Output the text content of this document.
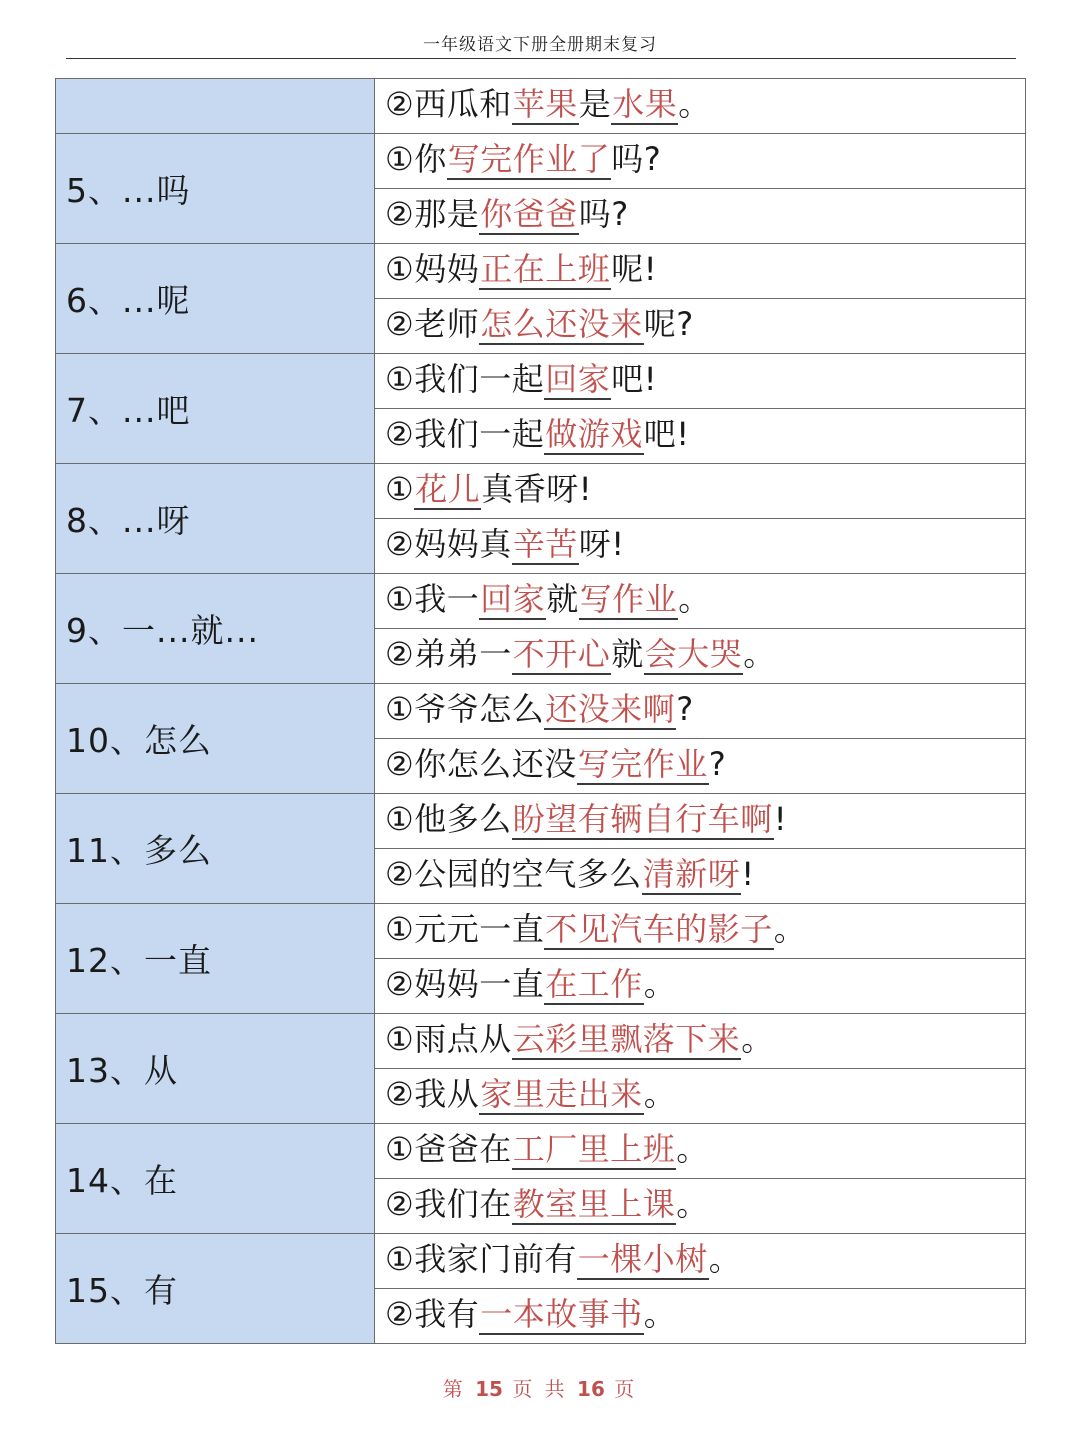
一年级语文下册全册期末复习
	②西瓜和苹果是水果。
5、...吗	①你写完作业了吗?
	②那是你爸爸吗?
6、...呢	①妈妈正在上班呢!
	②老师怎么还没来呢?
7、...吧	①我们一起回家吧!
	②我们一起做游戏吧!
8、...呀	①花儿真香呀!
	②妈妈真辛苦呀!
9、一...就...	①我一回家就写作业。
	②弟弟一不开心就会大哭。
10、怎么	①爷爷怎么还没来啊?
	②你怎么还没写完作业?
11、多么	①他多么盼望有辆自行车啊!
	②公园的空气多么清新呀!
12、一直	①元元一直不见汽车的影子。
	②妈妈一直在工作。
13、从	①雨点从云彩里飘落下来。
	②我从家里走出来。
14、在	①爸爸在工厂里上班。
	②我们在教室里上课。
15、有	①我家门前有一棵小树。
	②我有一本故事书。
第 15 页 共 16 页
